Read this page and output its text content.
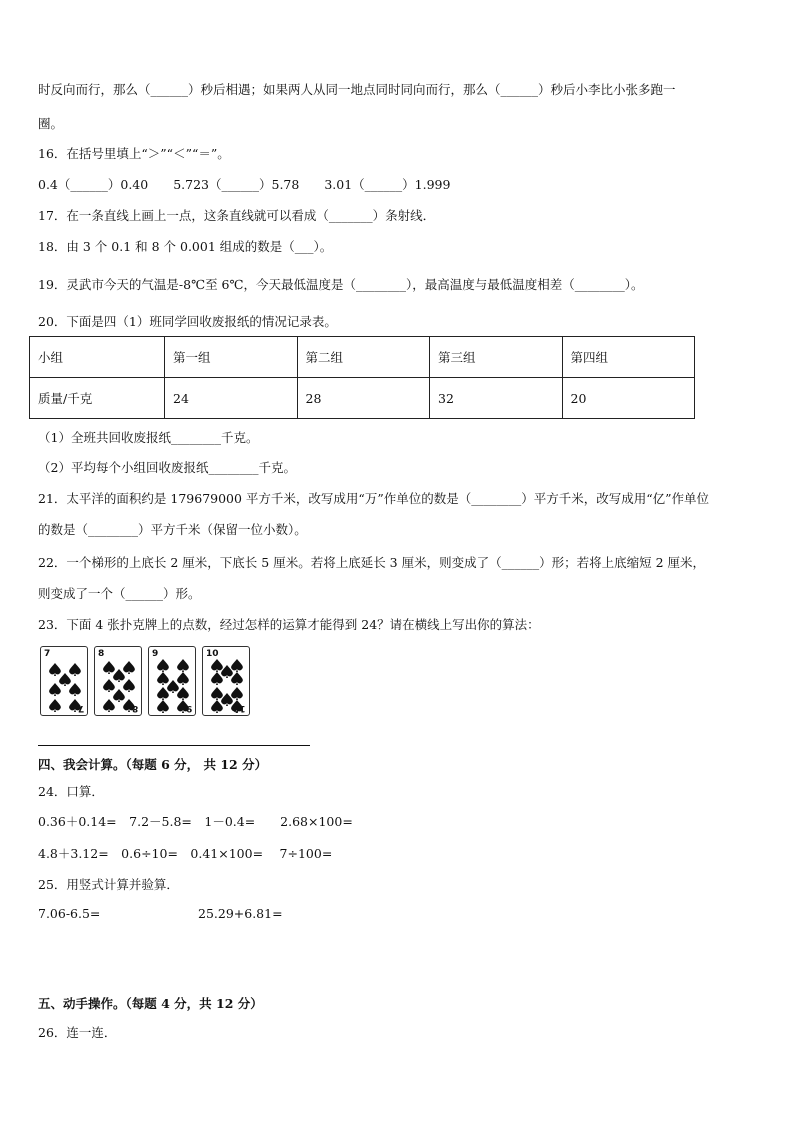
时反向而行，那么（______）秒后相遇；如果两人从同一地点同时同向而行，那么（______）秒后小李比小张多跑一
圈。
16．在括号里填上“＞”“＜”“＝”。
0.4（______）0.40　　5.723（______）5.78　　3.01（______）1.999
17．在一条直线上画上一点，这条直线就可以看成（_______）条射线．
18．由 3 个 0.1 和 8 个 0.001 组成的数是（___）。
19．灵武市今天的气温是-8℃至 6℃，今天最低温度是（________），最高温度与最低温度相差（________）。
20．下面是四（1）班同学回收废报纸的情况记录表。
小组	第一组	第二组	第三组	第四组
质量/千克	24	28	32	20
（1）全班共回收废报纸________千克。
（2）平均每个小组回收废报纸________千克。
21．太平洋的面积约是 179679000 平方千米，改写成用“万”作单位的数是（________）平方千米，改写成用“亿”作单位
的数是（________）平方千米（保留一位小数）。
22．一个梯形的上底长 2 厘米，下底长 5 厘米。若将上底延长 3 厘米，则变成了（______）形；若将上底缩短 2 厘米，
则变成了一个（______）形。
23．下面 4 张扑克牌上的点数，经过怎样的运算才能得到 24？请在横线上写出你的算法：
7
7
8
8
9
9
10
10
四、我会计算。（每题 6 分， 共 12 分）
24．口算．
0.36＋0.14=　7.2－5.8=　1－0.4=　　2.68×100=
4.8＋3.12=　0.6÷10=　0.41×100=　 7÷100=
25．用竖式计算并验算．
7.06-6.5=	25.29+6.81=
五、动手操作。（每题 4 分，共 12 分）
26．连一连．
